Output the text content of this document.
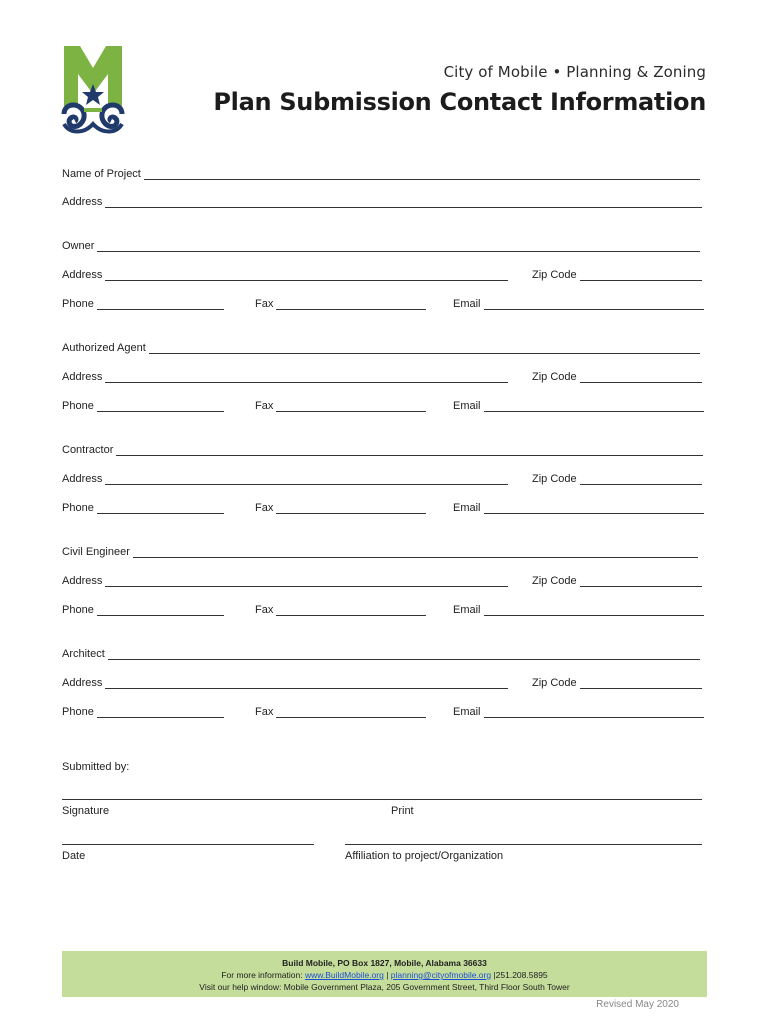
City of Mobile • Planning & Zoning
Plan Submission Contact Information
Name of Project
Address
Owner
Address	Zip Code
Phone	Fax	Email
Authorized Agent
Address	Zip Code
Phone	Fax	Email
Contractor
Address	Zip Code
Phone	Fax	Email
Civil Engineer
Address	Zip Code
Phone	Fax	Email
Architect
Address	Zip Code
Phone	Fax	Email
Submitted by:
Signature	Print
Date	Affiliation to project/Organization
Build Mobile, PO Box 1827, Mobile, Alabama 36633
For more information: www.BuildMobile.org | planning@cityofmobile.org |251.208.5895
Visit our help window: Mobile Government Plaza, 205 Government Street, Third Floor South Tower
Revised May 2020
